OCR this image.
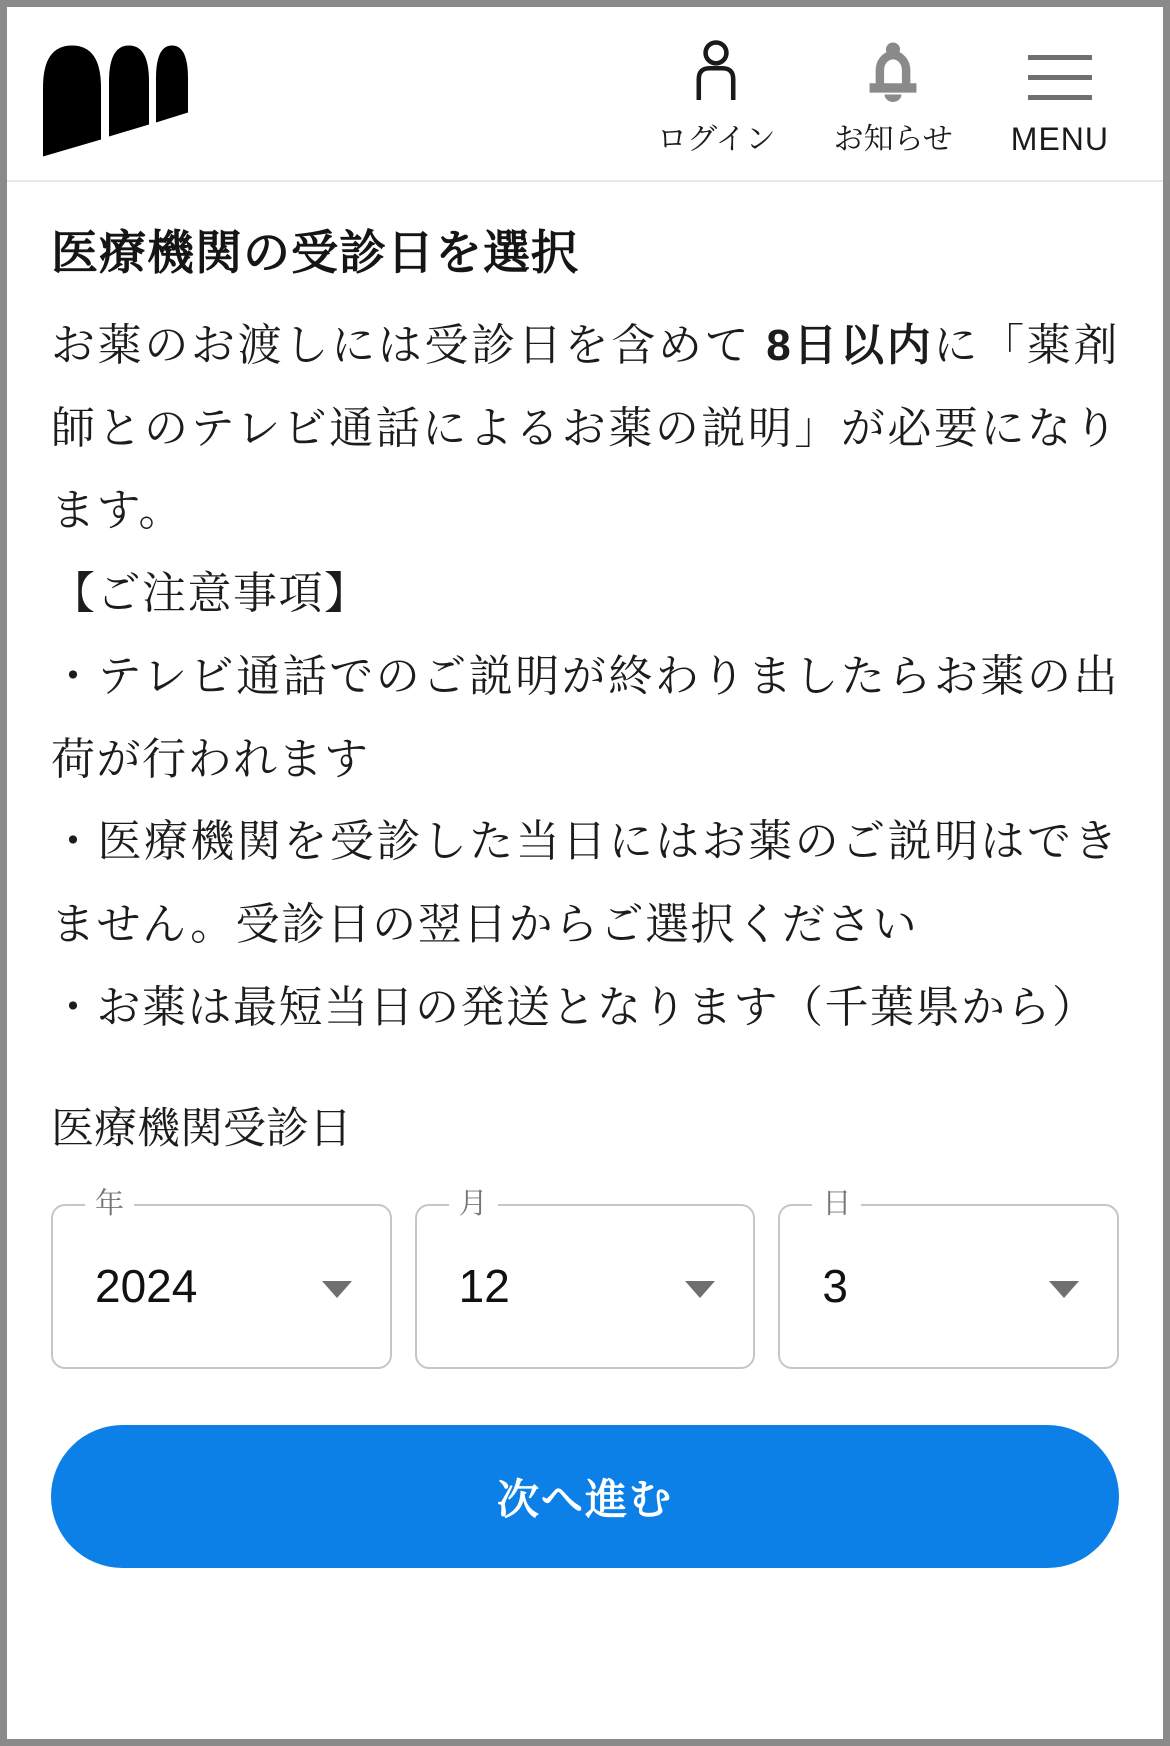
ログイン お知らせ MENU
医療機関の受診日を選択

お薬のお渡しには受診日を含めて 8日以内に「薬剤師とのテレビ通話によるお薬の説明」が必要になります。

【ご注意事項】
・テレビ通話でのご説明が終わりましたらお薬の出荷が行われます
・医療機関を受診した当日にはお薬のご説明はできません。受診日の翌日からご選択ください
・お薬は最短当日の発送となります（千葉県から）
医療機関受診日
年
2024
月
12
日
3
次へ進む
